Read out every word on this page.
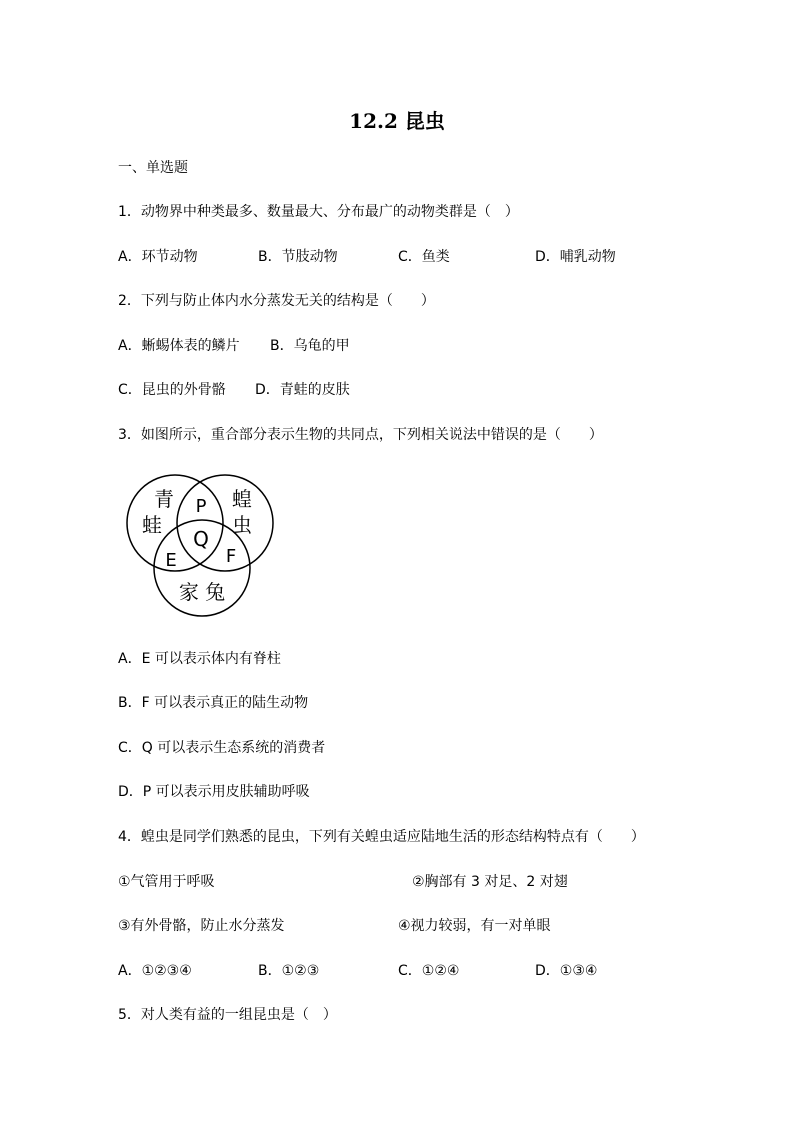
12.2 昆虫
一、单选题
1．动物界中种类最多、数量最大、分布最广的动物类群是（　）
A．环节动物	B．节肢动物	C．鱼类	D．哺乳动物
2．下列与防止体内水分蒸发无关的结构是（　　）
A．蜥蜴体表的鳞片 B．乌龟的甲
C．昆虫的外骨骼 D．青蛙的皮肤
3．如图所示，重合部分表示生物的共同点，下列相关说法中错误的是（　　）
青
蛙
蝗
虫
P
Q
E	F
家 兔
A．E 可以表示体内有脊柱
B．F 可以表示真正的陆生动物
C．Q 可以表示生态系统的消费者
D．P 可以表示用皮肤辅助呼吸
4．蝗虫是同学们熟悉的昆虫，下列有关蝗虫适应陆地生活的形态结构特点有（　　）
①气管用于呼吸	②胸部有 3 对足、2 对翅
③有外骨骼，防止水分蒸发	④视力较弱，有一对单眼
A．①②③④	B．①②③	C．①②④	D．①③④
5．对人类有益的一组昆虫是（　）
